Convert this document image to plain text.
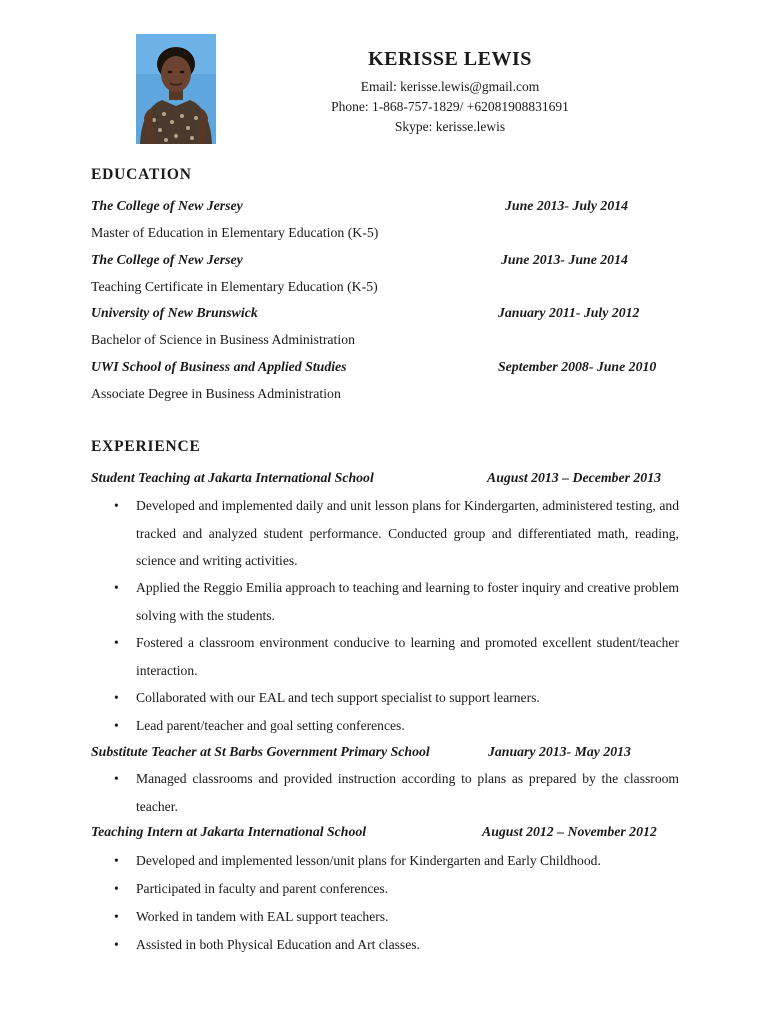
KERISSE LEWIS
Email: kerisse.lewis@gmail.com
Phone: 1-868-757-1829/ +62081908831691
Skype: kerisse.lewis
EDUCATION
The College of New Jersey	June 2013- July 2014
Master of Education in Elementary Education (K-5)
The College of New Jersey	June 2013- June 2014
Teaching Certificate in Elementary Education (K-5)
University of New Brunswick	January 2011- July 2012
Bachelor of Science in Business Administration
UWI School of Business and Applied Studies	September 2008- June 2010
Associate Degree in Business Administration
EXPERIENCE
Student Teaching at Jakarta International School	August 2013 – December 2013
• Developed and implemented daily and unit lesson plans for Kindergarten, administered testing, and tracked and analyzed student performance. Conducted group and differentiated math, reading, science and writing activities.
• Applied the Reggio Emilia approach to teaching and learning to foster inquiry and creative problem solving with the students.
• Fostered a classroom environment conducive to learning and promoted excellent student/teacher interaction.
• Collaborated with our EAL and tech support specialist to support learners.
• Lead parent/teacher and goal setting conferences.
Substitute Teacher at St Barbs Government Primary School	January 2013- May 2013
• Managed classrooms and provided instruction according to plans as prepared by the classroom teacher.
Teaching Intern at Jakarta International School	August 2012 – November 2012
• Developed and implemented lesson/unit plans for Kindergarten and Early Childhood.
• Participated in faculty and parent conferences.
• Worked in tandem with EAL support teachers.
• Assisted in both Physical Education and Art classes.
